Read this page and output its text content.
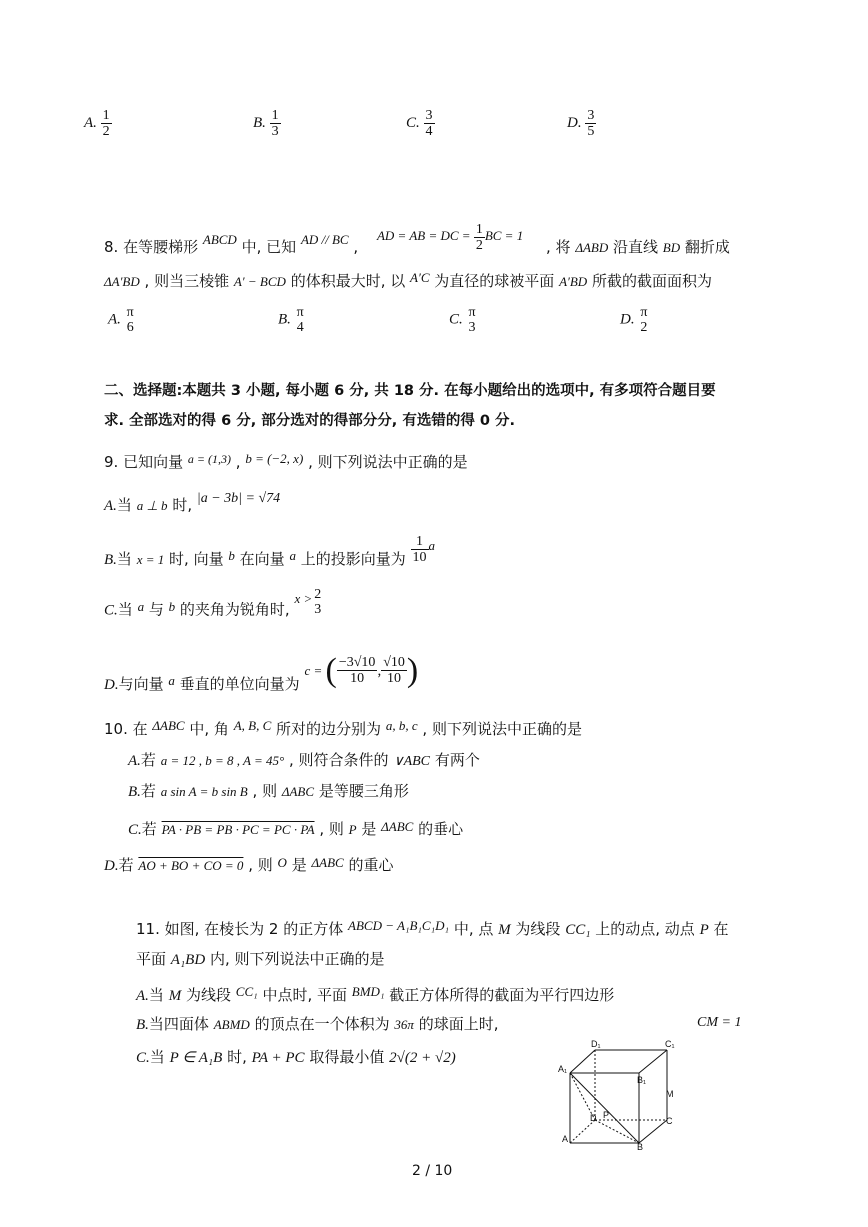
A. $\frac{1}{2}$	B. $\frac{1}{3}$	C. $\frac{3}{4}$	D. $\frac{3}{5}$
8. 在等腰梯形 ABCD 中, 已知 AD // BC , AD = AB = DC = $\frac{1}{2}$ BC = 1 , 将 ΔABD 沿直线 BD 翻折成
ΔA′BD , 则当三棱锥 A′ − BCD 的体积最大时, 以 A′C 为直径的球被平面 A′BD 所截的截面面积为
A. π
6
B. π
4
C. π
3
D. π
2
二、选择题:本题共 3 小题, 每小题 6 分, 共 18 分. 在每小题给出的选项中, 有多项符合题目要
求. 全部选对的得 6 分, 部分选对的得部分分, 有选错的得 0 分.
9. 已知向量 $^{a = (1,3)}$ , b = (−2, x) , 则下列说法中正确的是
A.当 a ⊥ b 时, |a − 3b| = √74
B.当 x = 1 时, 向量 b 在向量 a 上的投影向量为 $\frac{1}{10}$ a
C.当 a 与 b 的夹角为锐角时, x > 2
3
D.与向量 a 垂直的单位向量为 c = ( $\frac{-3√10}{10}$ , $\frac{√10}{10}$ )
10. 在 ΔABC 中, 角 A, B, C 所对的边分别为 a, b, c , 则下列说法中正确的是
A.若 a = 12 , b = 8 , A = 45° , 则符合条件的 ∨ABC 有两个
B.若 a sin A = b sin B , 则 ΔABC 是等腰三角形
C.若 PA · PB = PB · PC = PC · PA , 则 P 是 ΔABC 的垂心
D.若 AO + BO + CO = 0 , 则 O 是 ΔABC 的重心
11. 如图, 在棱长为 2 的正方体 ABCD − A₁B₁C₁D₁ 中, 点 M 为线段 CC₁ 上的动点, 动点 P 在
平面 A₁BD 内, 则下列说法中正确的是
A.当 M 为线段 CC₁ 中点时, 平面 BMD₁ 截正方体所得的截面为平行四边形
B.当四面体 ABMD 的顶点在一个体积为 36π 的球面上时,	CM = 1
C.当 P ∈ A₁B 时, PA + PC 取得最小值 2√(2 + √2)
D₁	C₁
A₁
B₁
M
D P
C
A
B
2 / 10
